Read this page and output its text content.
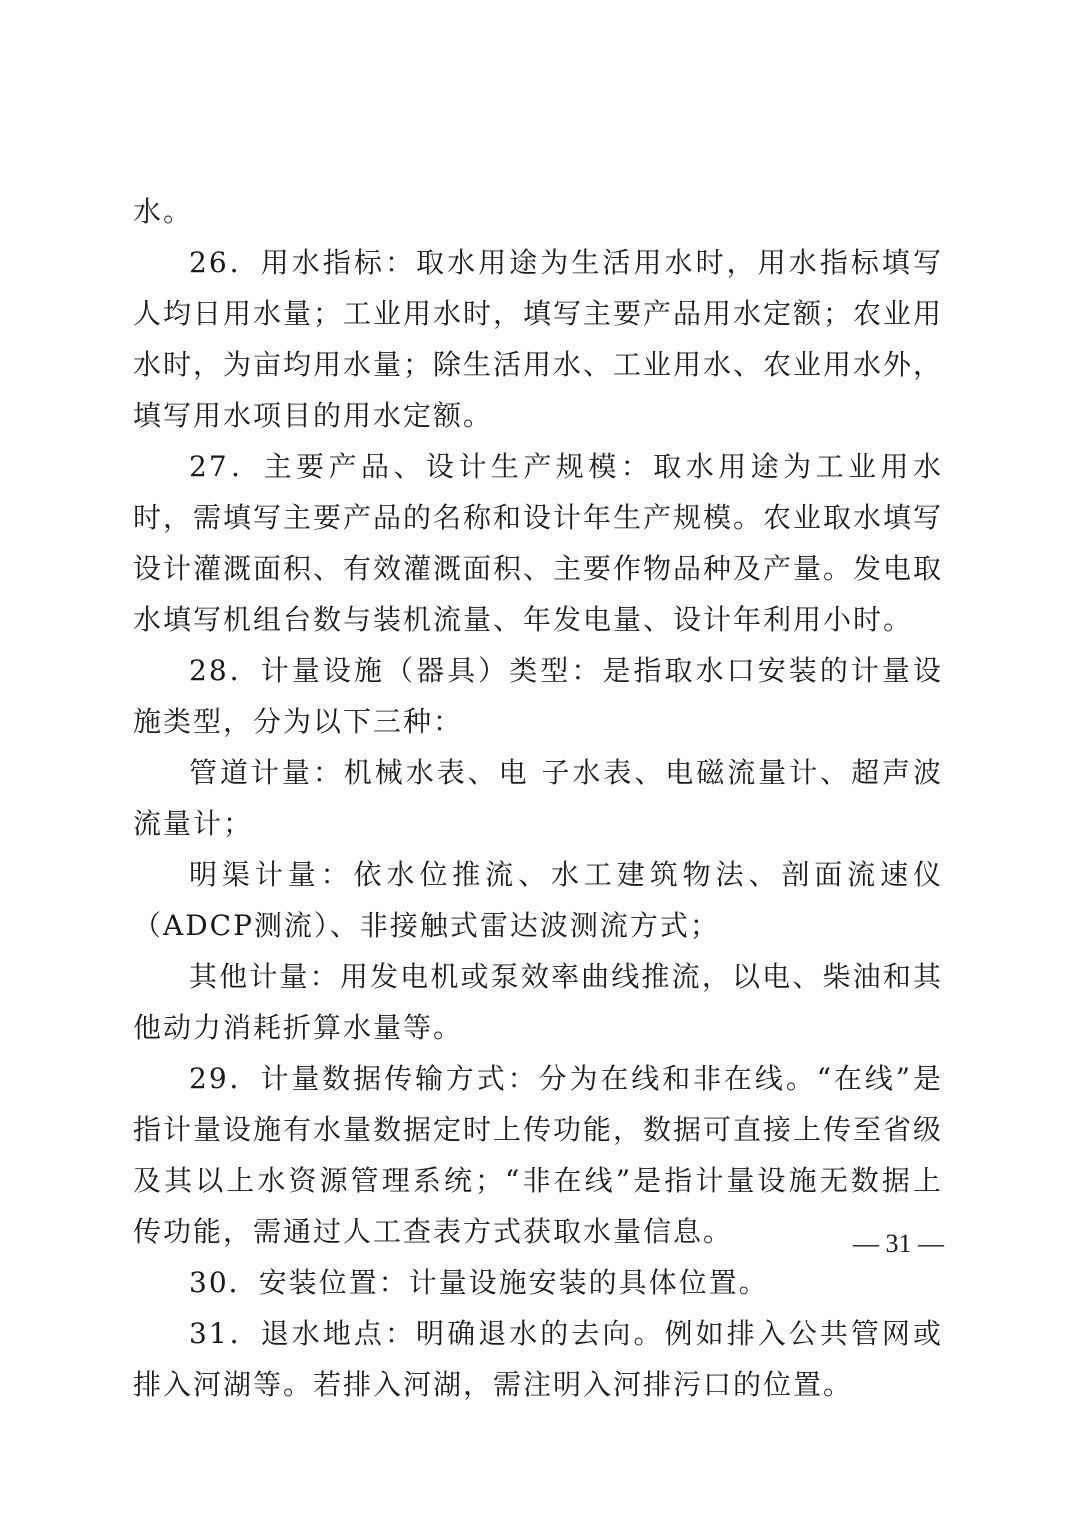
水。

26．用水指标：取水用途为生活用水时，用水指标填写人均日用水量；工业用水时，填写主要产品用水定额；农业用水时，为亩均用水量；除生活用水、工业用水、农业用水外，填写用水项目的用水定额。

27．主要产品、设计生产规模：取水用途为工业用水时，需填写主要产品的名称和设计年生产规模。农业取水填写设计灌溉面积、有效灌溉面积、主要作物品种及产量。发电取水填写机组台数与装机流量、年发电量、设计年利用小时。

28．计量设施（器具）类型：是指取水口安装的计量设施类型，分为以下三种：

管道计量：机械水表、电 子水表、电磁流量计、超声波流量计；

明渠计量：依水位推流、水工建筑物法、剖面流速仪（ADCP测流）、非接触式雷达波测流方式；

其他计量：用发电机或泵效率曲线推流，以电、柴油和其他动力消耗折算水量等。

29．计量数据传输方式：分为在线和非在线。“在线”是指计量设施有水量数据定时上传功能，数据可直接上传至省级及其以上水资源管理系统；“非在线”是指计量设施无数据上传功能，需通过人工查表方式获取水量信息。

30．安装位置：计量设施安装的具体位置。

31．退水地点：明确退水的去向。例如排入公共管网或排入河湖等。若排入河湖，需注明入河排污口的位置。

— 31 —
